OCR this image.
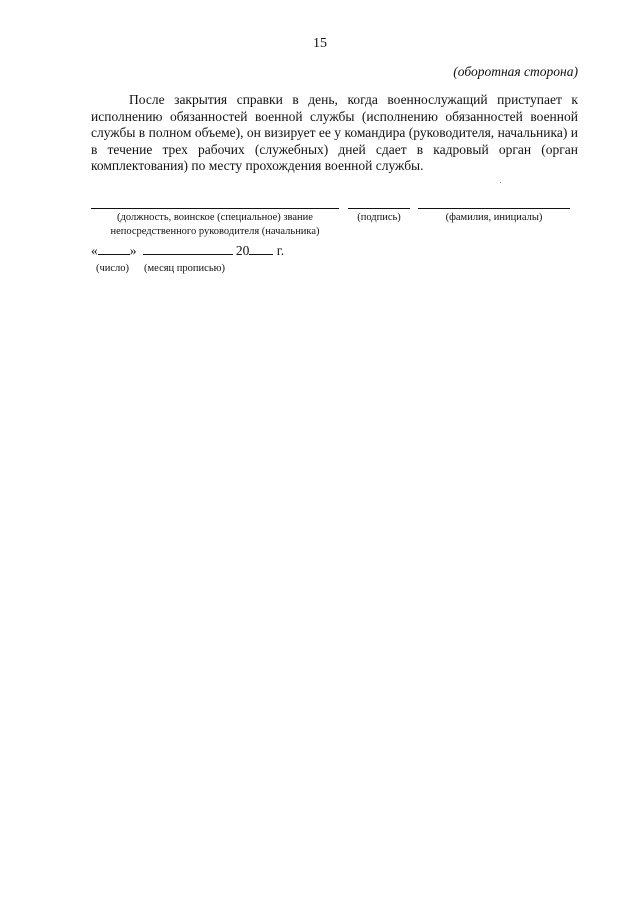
15
(оборотная сторона)

После закрытия справки в день, когда военнослужащий приступает к исполнению обязанностей военной службы (исполнению обязанностей военной службы в полном объеме), он визирует ее у командира (руководителя, начальника) и в течение трех рабочих (служебных) дней сдает в кадровый орган (орган комплектования) по месту прохождения военной службы.

(должность, воинское (специальное) звание
непосредственного руководителя (начальника)
(подпись)	(фамилия, инициалы)
« »	20 г.
(число) (месяц прописью)
